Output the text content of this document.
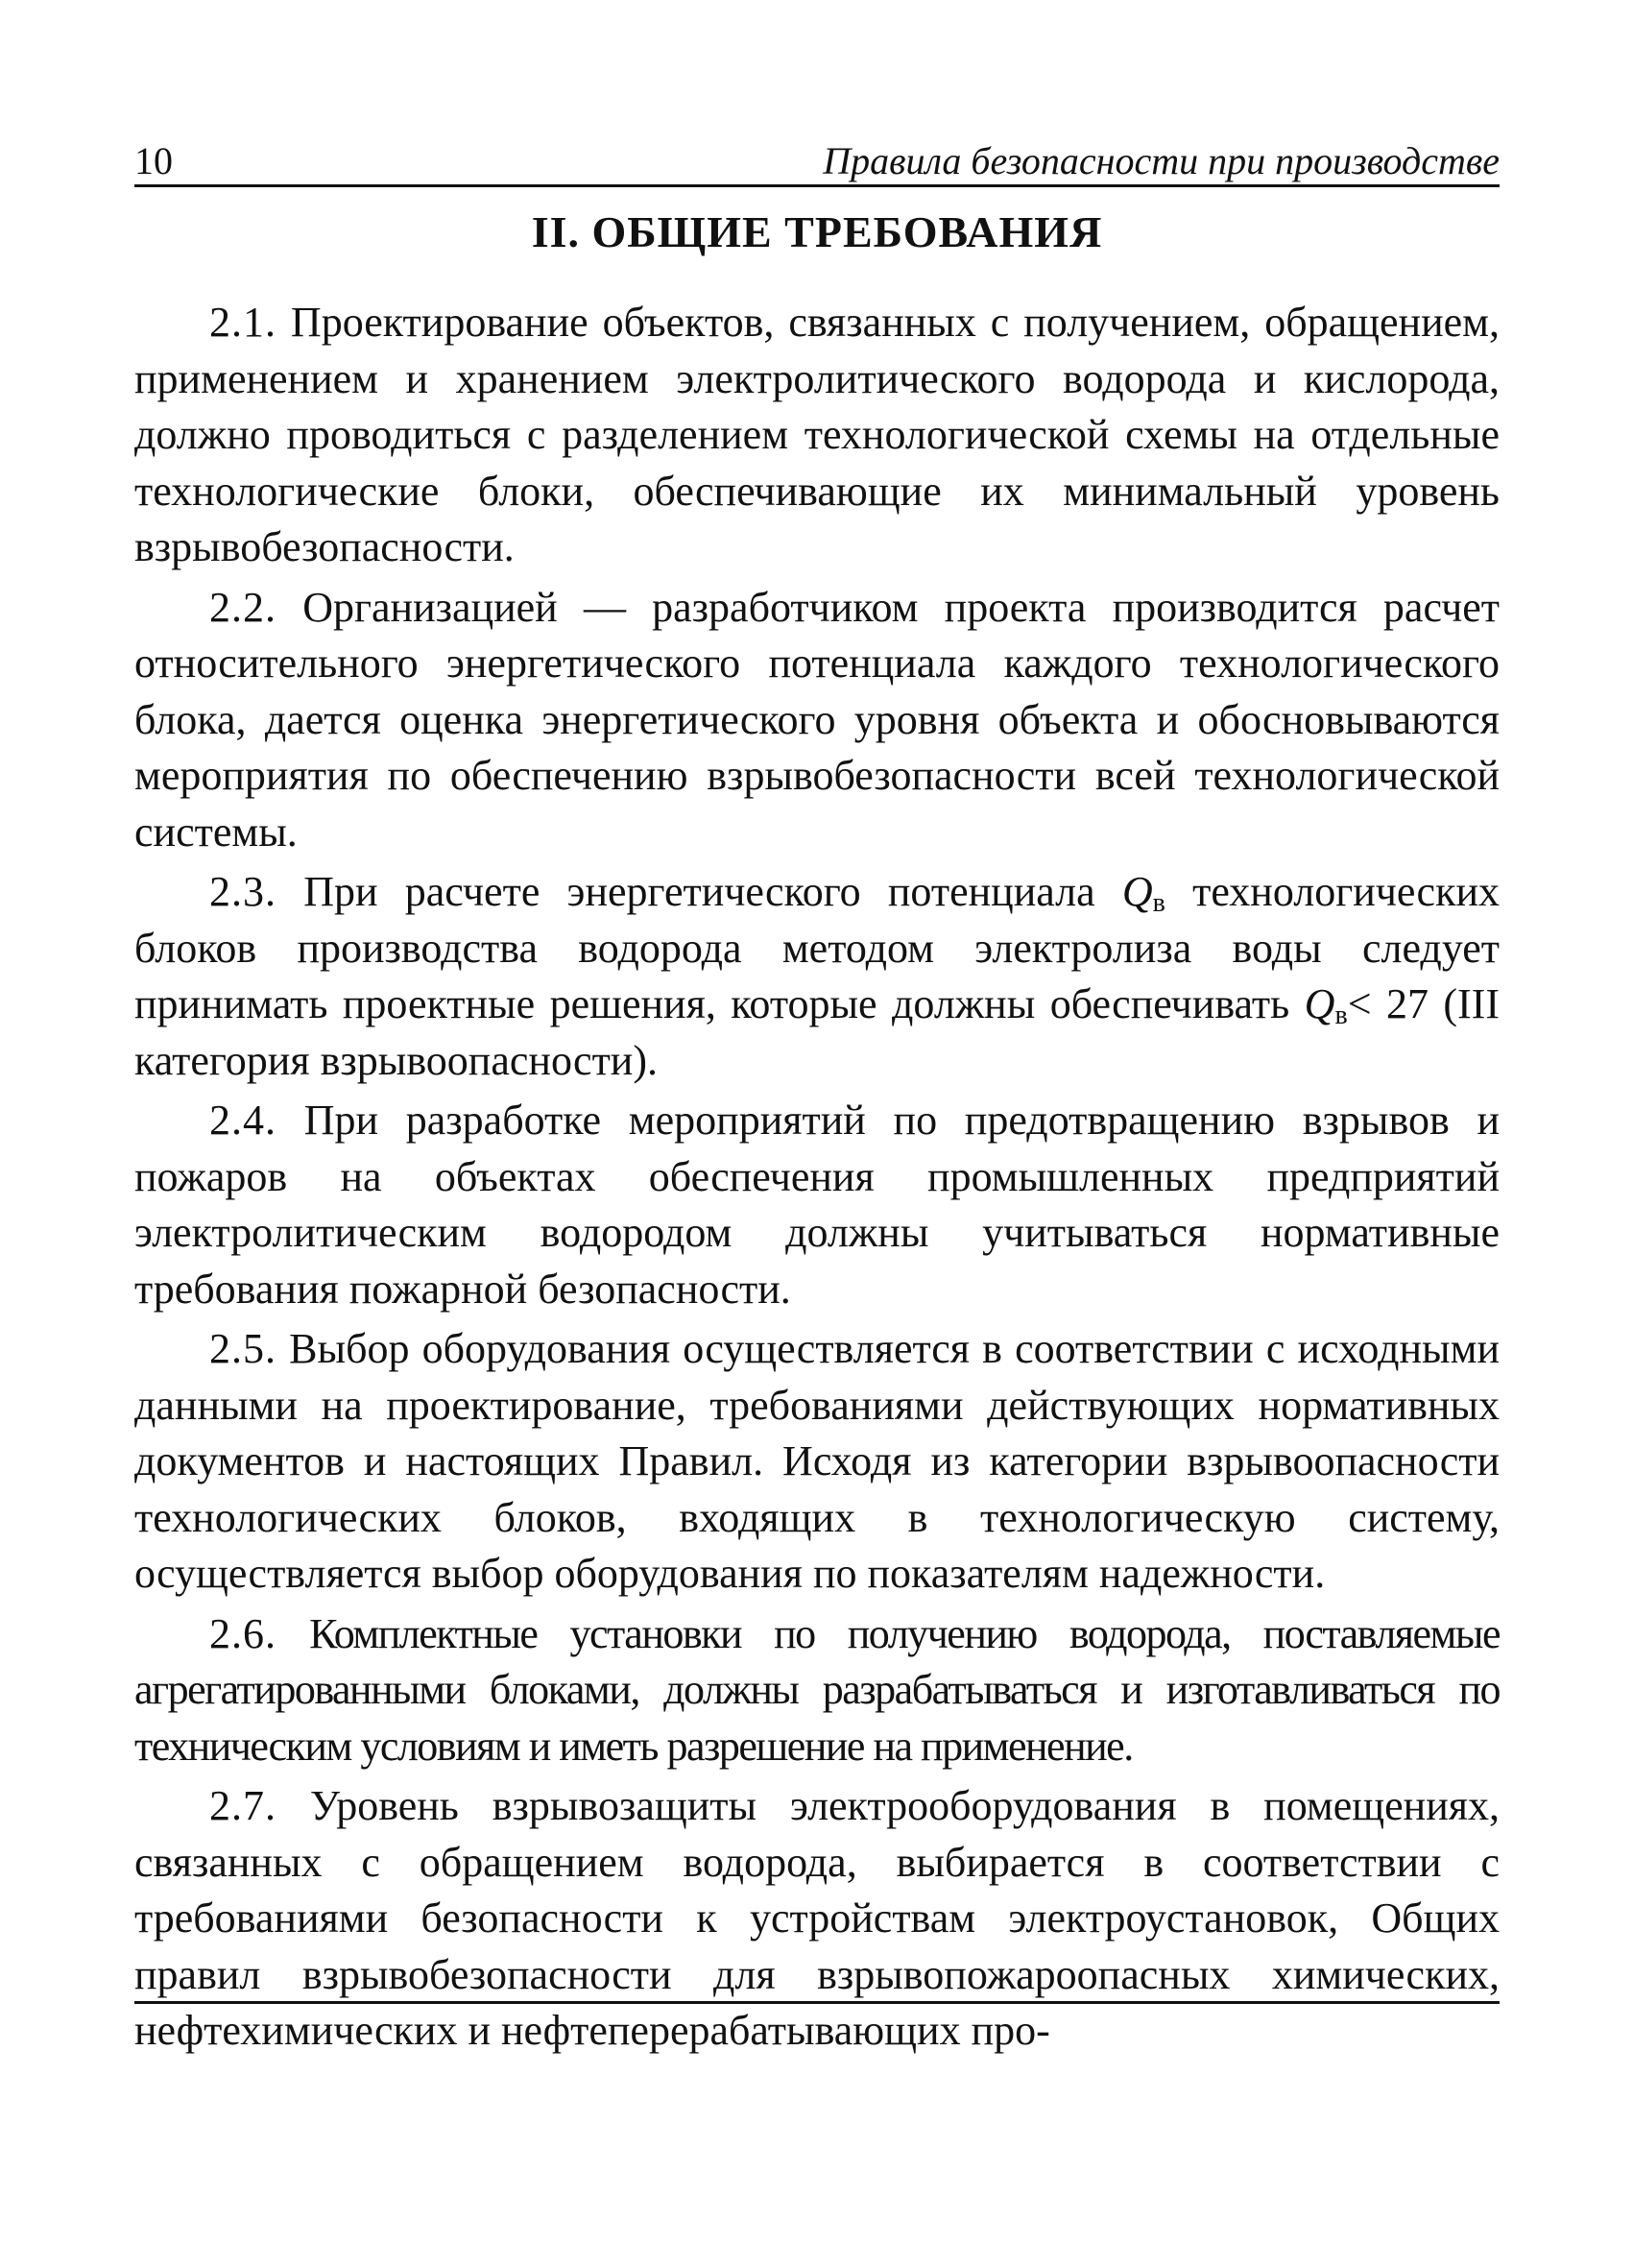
10	Правила безопасности при производстве
II. ОБЩИЕ ТРЕБОВАНИЯ

2.1. Проектирование объектов, связанных с получением, обращением, применением и хранением электролитического водорода и кислорода, должно проводиться с разделением технологической схемы на отдельные технологические блоки, обеспечивающие их минимальный уровень взрывобезопасности.

2.2. Организацией — разработчиком проекта производится расчет относительного энергетического потенциала каждого технологического блока, дается оценка энергетического уровня объекта и обосновываются мероприятия по обеспечению взрывобезопасности всей технологической системы.

2.3. При расчете энергетического потенциала $Q_в$ технологических блоков производства водорода методом электролиза воды следует принимать проектные решения, которые должны обеспечивать $Q_в< 27$ (III категория взрывоопасности).

2.4. При разработке мероприятий по предотвращению взрывов и пожаров на объектах обеспечения промышленных предприятий электролитическим водородом должны учитываться нормативные требования пожарной безопасности.

2.5. Выбор оборудования осуществляется в соответствии с исходными данными на проектирование, требованиями действующих нормативных документов и настоящих Правил. Исходя из категории взрывоопасности технологических блоков, входящих в технологическую систему, осуществляется выбор оборудования по показателям надежности.

2.6. Комплектные установки по получению водорода, поставляемые агрегатированными блоками, должны разрабатываться и изготавливаться по техническим условиям и иметь разрешение на применение.

2.7. Уровень взрывозащиты электрооборудования в помещениях, связанных с обращением водорода, выбирается в соответствии с требованиями безопасности к устройствам электроустановок, Общих правил взрывобезопасности для взрывопожароопасных химических, нефтехимических и нефтеперерабатывающих про-
